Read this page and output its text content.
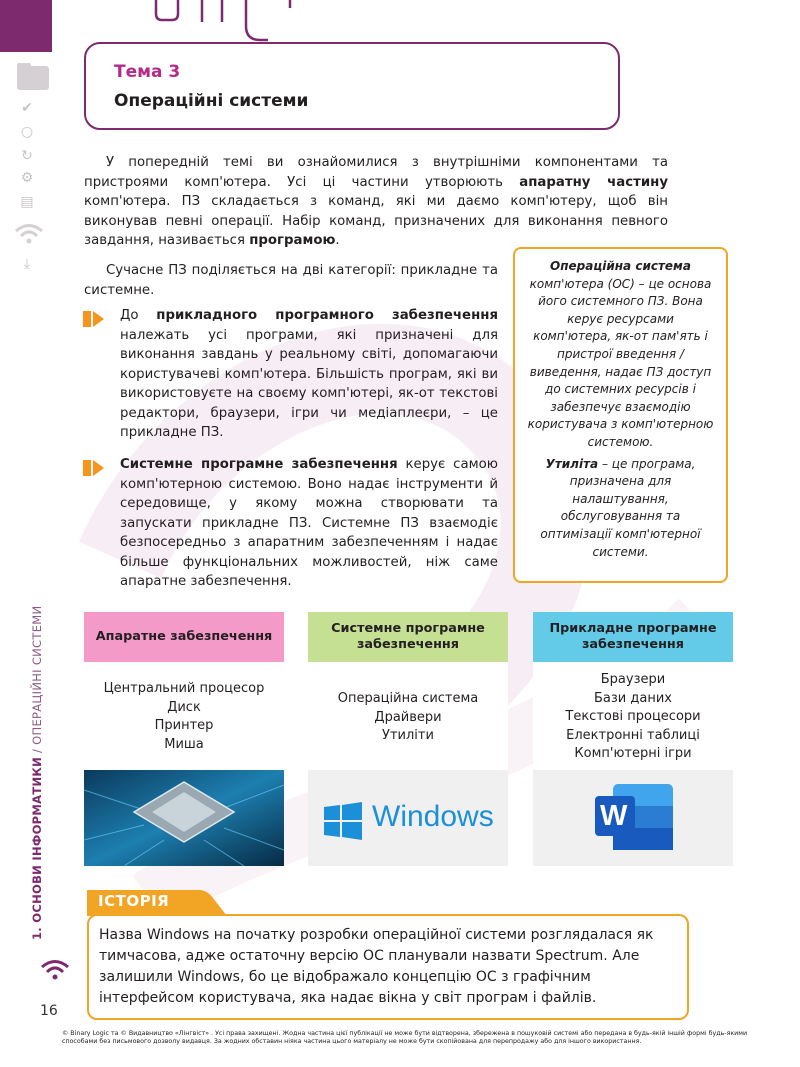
✔
○
↻
⚙
▤
⤓
1. ОСНОВИ ІНФОРМАТИКИ / ОПЕРАЦІЙНІ СИСТЕМИ
16
Тема 3
Операційні системи
У попередній темі ви ознайомилися з внутрішніми компонентами та пристроями комп'ютера. Усі ці частини утворюють апаратну частину комп'ютера. ПЗ складається з команд, які ми даємо комп'ютеру, щоб він виконував певні операції. Набір команд, призначених для виконання певного завдання, називається програмою.
Сучасне ПЗ поділяється на дві категорії: прикладне та системне.
До прикладного програмного забезпечення належать усі програми, які призначені для виконання завдань у реальному світі, допомагаючи користувачеві комп'ютера. Більшість програм, які ви використовуєте на своєму комп'ютері, як-от текстові редактори, браузери, ігри чи медіаплеєри, – це прикладне ПЗ.
Системне програмне забезпечення керує самою комп'ютерною системою. Воно надає інструменти й середовище, у якому можна створювати та запускати прикладне ПЗ. Системне ПЗ взаємодіє безпосередньо з апаратним забезпеченням і надає більше функціональних можливостей, ніж саме апаратне забезпечення.
Операційна система
комп'ютера (ОС) – це основа його системного ПЗ. Вона керує ресурсами комп'ютера, як-от пам'ять і пристрої введення / виведення, надає ПЗ доступ до системних ресурсів і забезпечує взаємодію користувача з комп'ютерною системою.
Утиліта – це програма, призначена для налаштування, обслуговування та оптимізації комп'ютерної системи.
Апаратне забезпечення
Центральний процесор
Диск
Принтер
Миша
Системне програмне забезпечення
Операційна система
Драйвери
Утиліти
Windows
Прикладне програмне забезпечення
Браузери
Бази даних
Текстові процесори
Електронні таблиці
Комп'ютерні ігри
W
ІСТОРІЯ
Назва Windows на початку розробки операційної системи розглядалася як тимчасова, адже остаточну версію ОС планували назвати Spectrum. Але залишили Windows, бо це відображало концепцію ОС з графічним інтерфейсом користувача, яка надає вікна у світ програм і файлів.
© Binary Logic та © Видавництво «Лінгвіст» . Усі права захищені. Жодна частина цієї публікації не може бути відтворена, збережена в пошуковій системі або передана в будь-якій іншій формі будь-якими способами без письмового дозволу видавця. За жодних обставин ніяка частина цього матеріалу не може бути скопійована для перепродажу або для іншого використання.
